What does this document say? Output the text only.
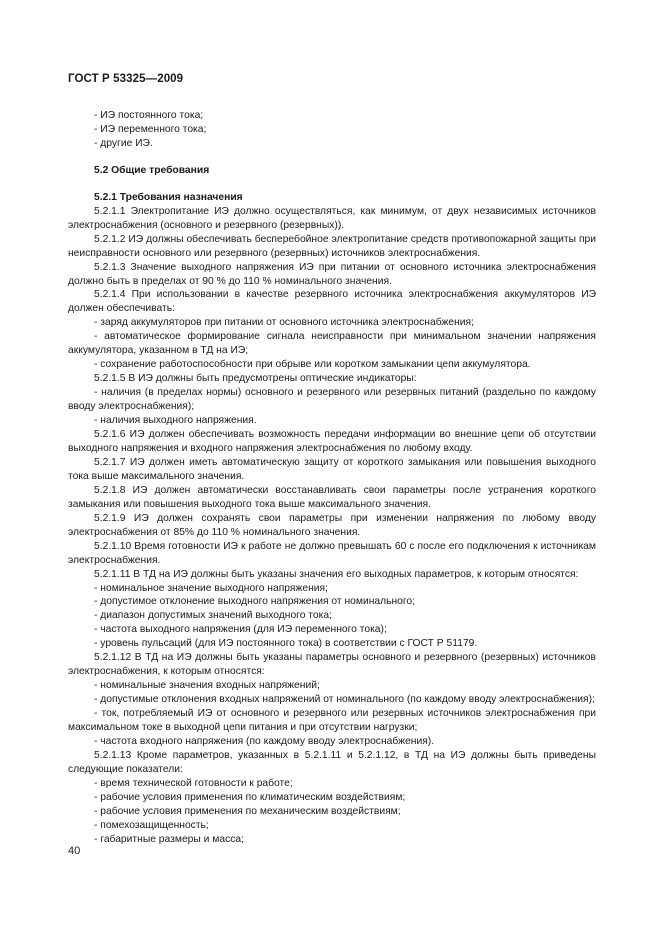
ГОСТ Р 53325—2009

- ИЭ постоянного тока;

- ИЭ переменного тока;

- другие ИЭ.

5.2 Общие требования

5.2.1 Требования назначения

5.2.1.1 Электропитание ИЭ должно осуществляться, как минимум, от двух независимых источников электроснабжения (основного и резервного (резервных)).

5.2.1.2 ИЭ должны обеспечивать бесперебойное электропитание средств противопожарной защиты при неисправности основного или резервного (резервных) источников электроснабжения.

5.2.1.3 Значение выходного напряжения ИЭ при питании от основного источника электроснабжения должно быть в пределах от 90 % до 110 % номинального значения.

5.2.1.4 При использовании в качестве резервного источника электроснабжения аккумуляторов ИЭ должен обеспечивать:

- заряд аккумуляторов при питании от основного источника электроснабжения;

- автоматическое формирование сигнала неисправности при минимальном значении напряжения аккумулятора, указанном в ТД на ИЭ;

- сохранение работоспособности при обрыве или коротком замыкании цепи аккумулятора.

5.2.1.5 В ИЭ должны быть предусмотрены оптические индикаторы:

- наличия (в пределах нормы) основного и резервного или резервных питаний (раздельно по каждому вводу электроснабжения);

- наличия выходного напряжения.

5.2.1.6 ИЭ должен обеспечивать возможность передачи информации во внешние цепи об отсутствии выходного напряжения и входного напряжения электроснабжения по любому входу.

5.2.1.7 ИЭ должен иметь автоматическую защиту от короткого замыкания или повышения выходного тока выше максимального значения.

5.2.1.8 ИЭ должен автоматически восстанавливать свои параметры после устранения короткого замыкания или повышения выходного тока выше максимального значения.

5.2.1.9 ИЭ должен сохранять свои параметры при изменении напряжения по любому вводу электроснабжения от 85% до 110 % номинального значения.

5.2.1.10 Время готовности ИЭ к работе не должно превышать 60 с после его подключения к источникам электроснабжения.

5.2.1.11 В ТД на ИЭ должны быть указаны значения его выходных параметров, к которым относятся:

- номинальное значение выходного напряжения;

- допустимое отклонение выходного напряжения от номинального;

- диапазон допустимых значений выходного тока;

- частота выходного напряжения (для ИЭ переменного тока);

- уровень пульсаций (для ИЭ постоянного тока) в соответствии с ГОСТ Р 51179.

5.2.1.12 В ТД на ИЭ должны быть указаны параметры основного и резервного (резервных) источников электроснабжения, к которым относятся:

- номинальные значения входных напряжений;

- допустимые отклонения входных напряжений от номинального (по каждому вводу электроснабжения);

- ток, потребляемый ИЭ от основного и резервного или резервных источников электроснабжения при максимальном токе в выходной цепи питания и при отсутствии нагрузки;

- частота входного напряжения (по каждому вводу электроснабжения).

5.2.1.13 Кроме параметров, указанных в 5.2.1.11 и 5.2.1.12, в ТД на ИЭ должны быть приведены следующие показатели:

- время технической готовности к работе;

- рабочие условия применения по климатическим воздействиям;

- рабочие условия применения по механическим воздействиям;

- помехозащищенность;

- габаритные размеры и масса;

40
